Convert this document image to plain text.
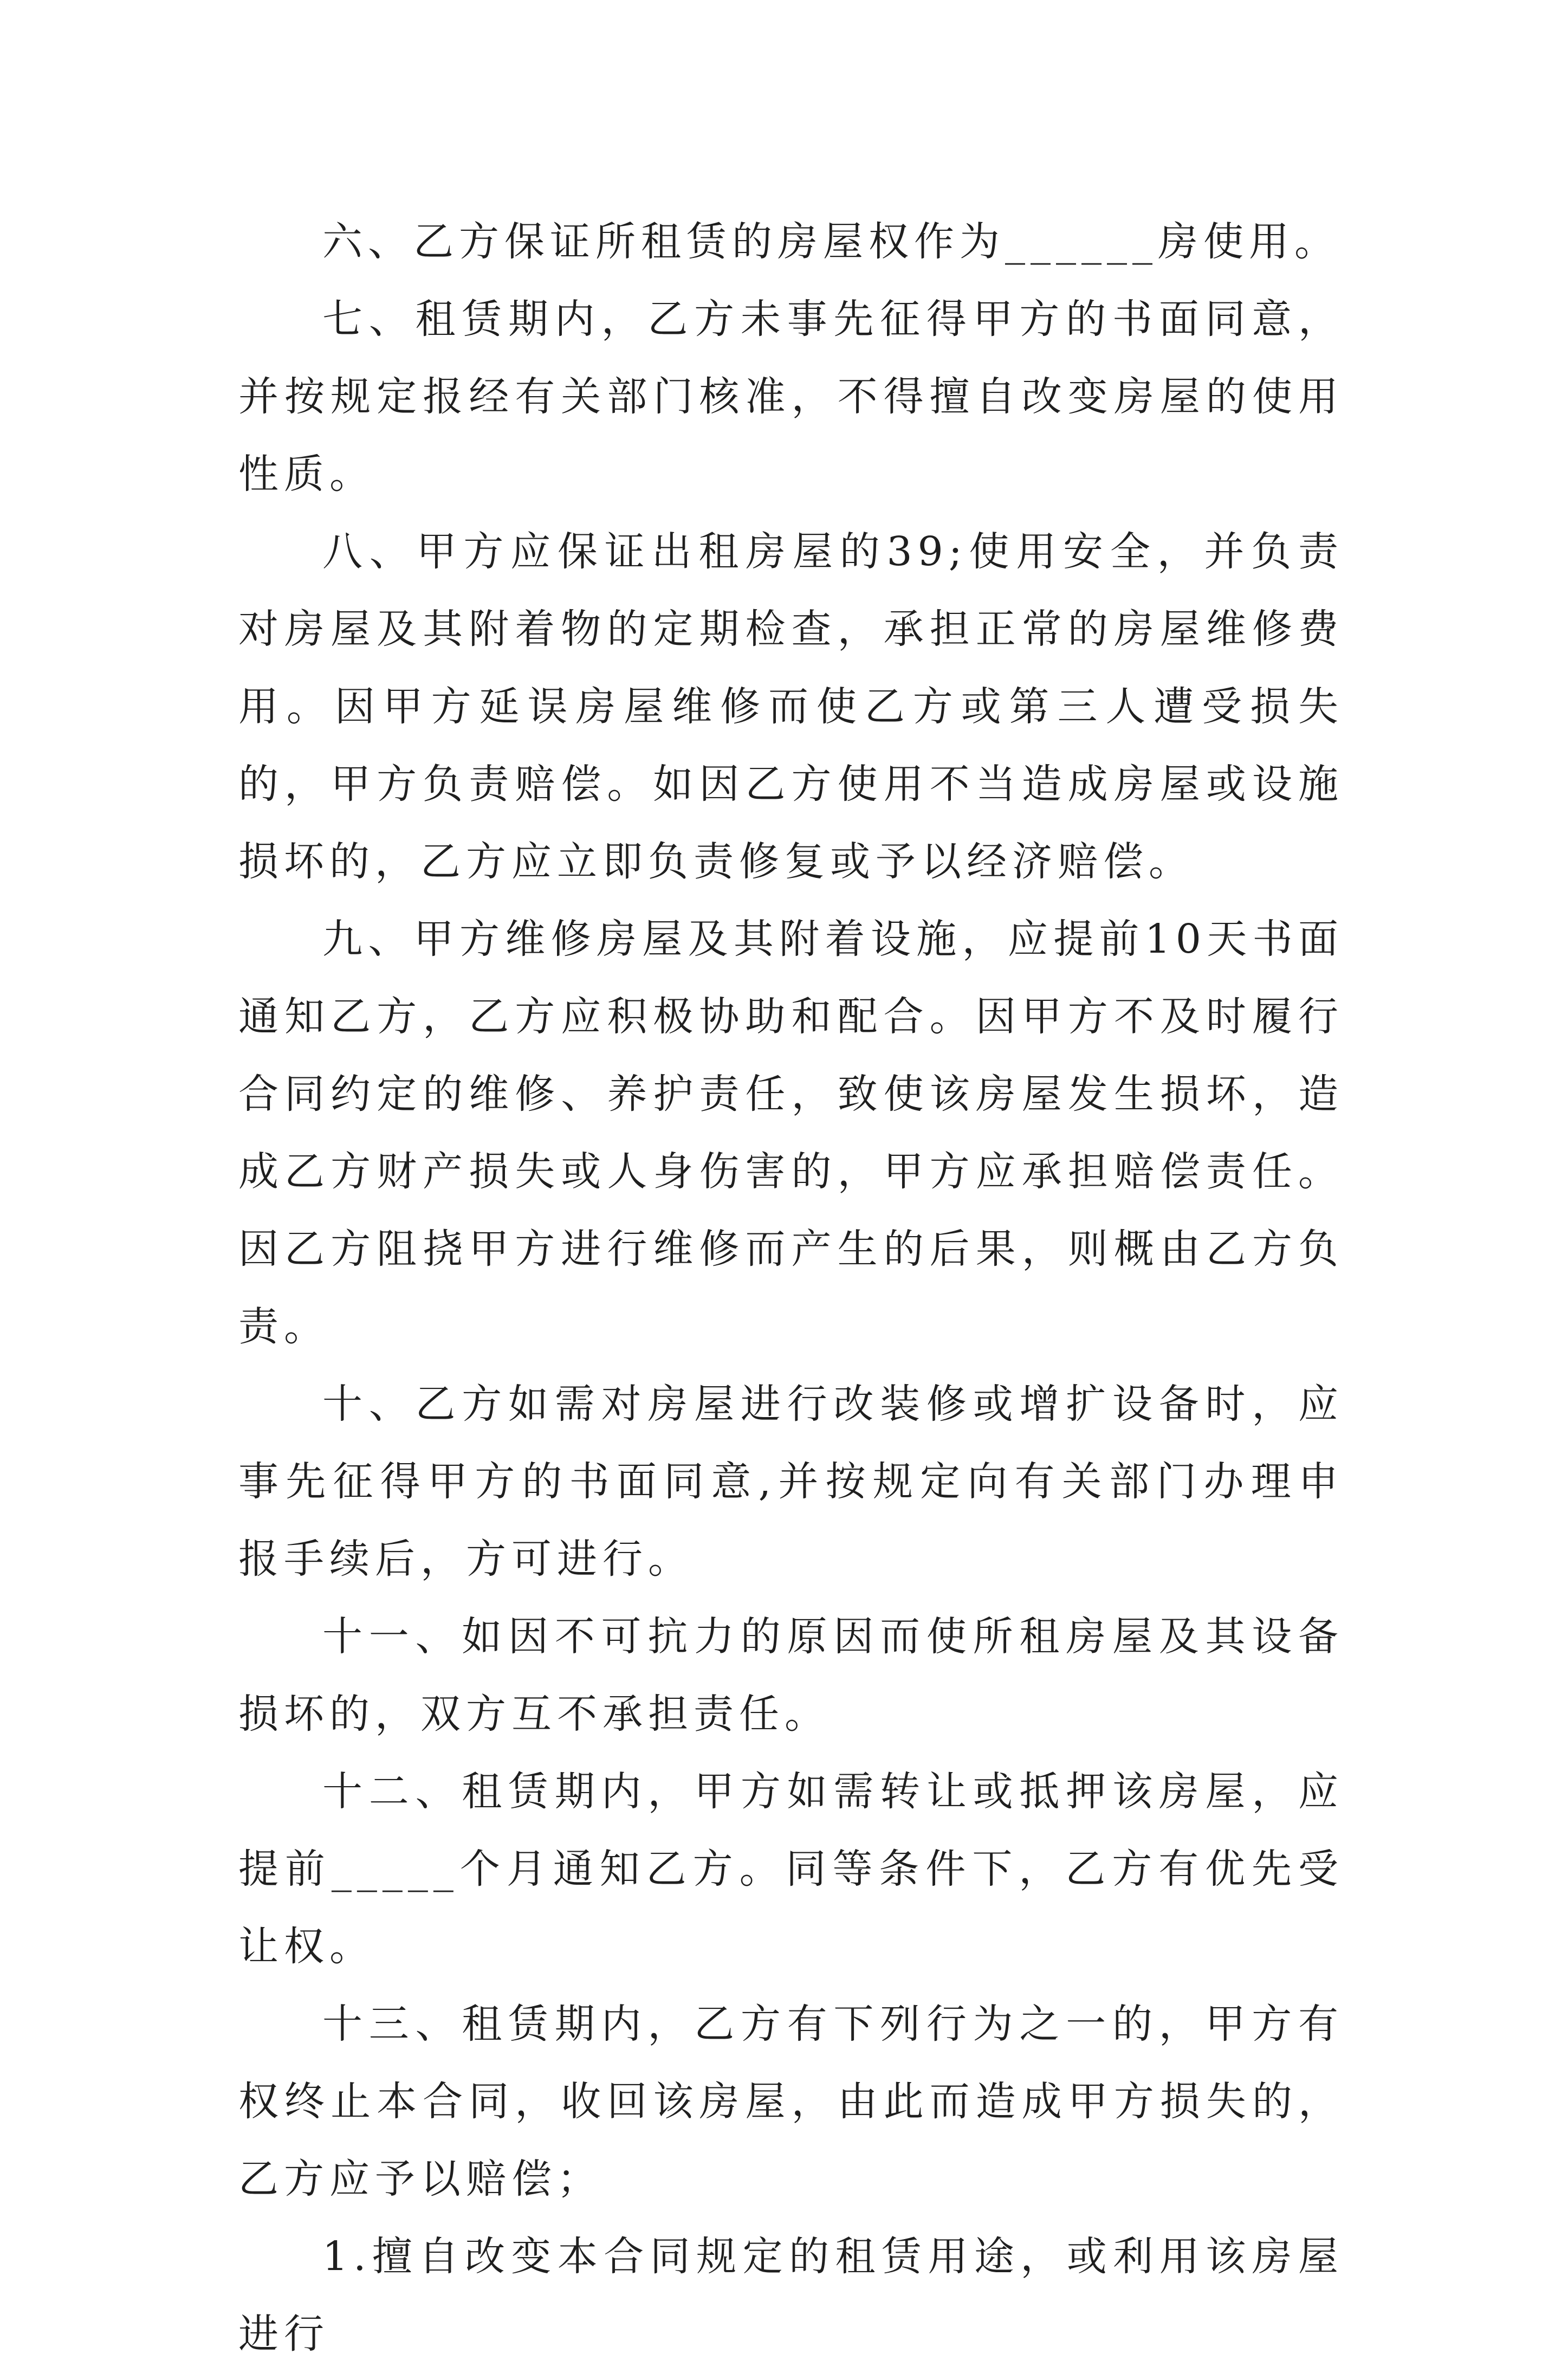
六、乙方保证所租赁的房屋权作为______房使用。

七、租赁期内，乙方未事先征得甲方的书面同意，并按规定报经有关部门核准，不得擅自改变房屋的使用性质。

八、甲方应保证出租房屋的39;使用安全，并负责对房屋及其附着物的定期检查，承担正常的房屋维修费用。因甲方延误房屋维修而使乙方或第三人遭受损失的，甲方负责赔偿。如因乙方使用不当造成房屋或设施损坏的，乙方应立即负责修复或予以经济赔偿。

九、甲方维修房屋及其附着设施，应提前10天书面通知乙方，乙方应积极协助和配合。因甲方不及时履行合同约定的维修、养护责任，致使该房屋发生损坏，造成乙方财产损失或人身伤害的，甲方应承担赔偿责任。因乙方阻挠甲方进行维修而产生的后果，则概由乙方负责。

十、乙方如需对房屋进行改装修或增扩设备时，应事先征得甲方的书面同意,并按规定向有关部门办理申报手续后，方可进行。

十一、如因不可抗力的原因而使所租房屋及其设备损坏的，双方互不承担责任。

十二、租赁期内，甲方如需转让或抵押该房屋，应提前_____个月通知乙方。同等条件下，乙方有优先受让权。

十三、租赁期内，乙方有下列行为之一的，甲方有权终止本合同，收回该房屋，由此而造成甲方损失的，乙方应予以赔偿；

1.擅自改变本合同规定的租赁用途，或利用该房屋进行
